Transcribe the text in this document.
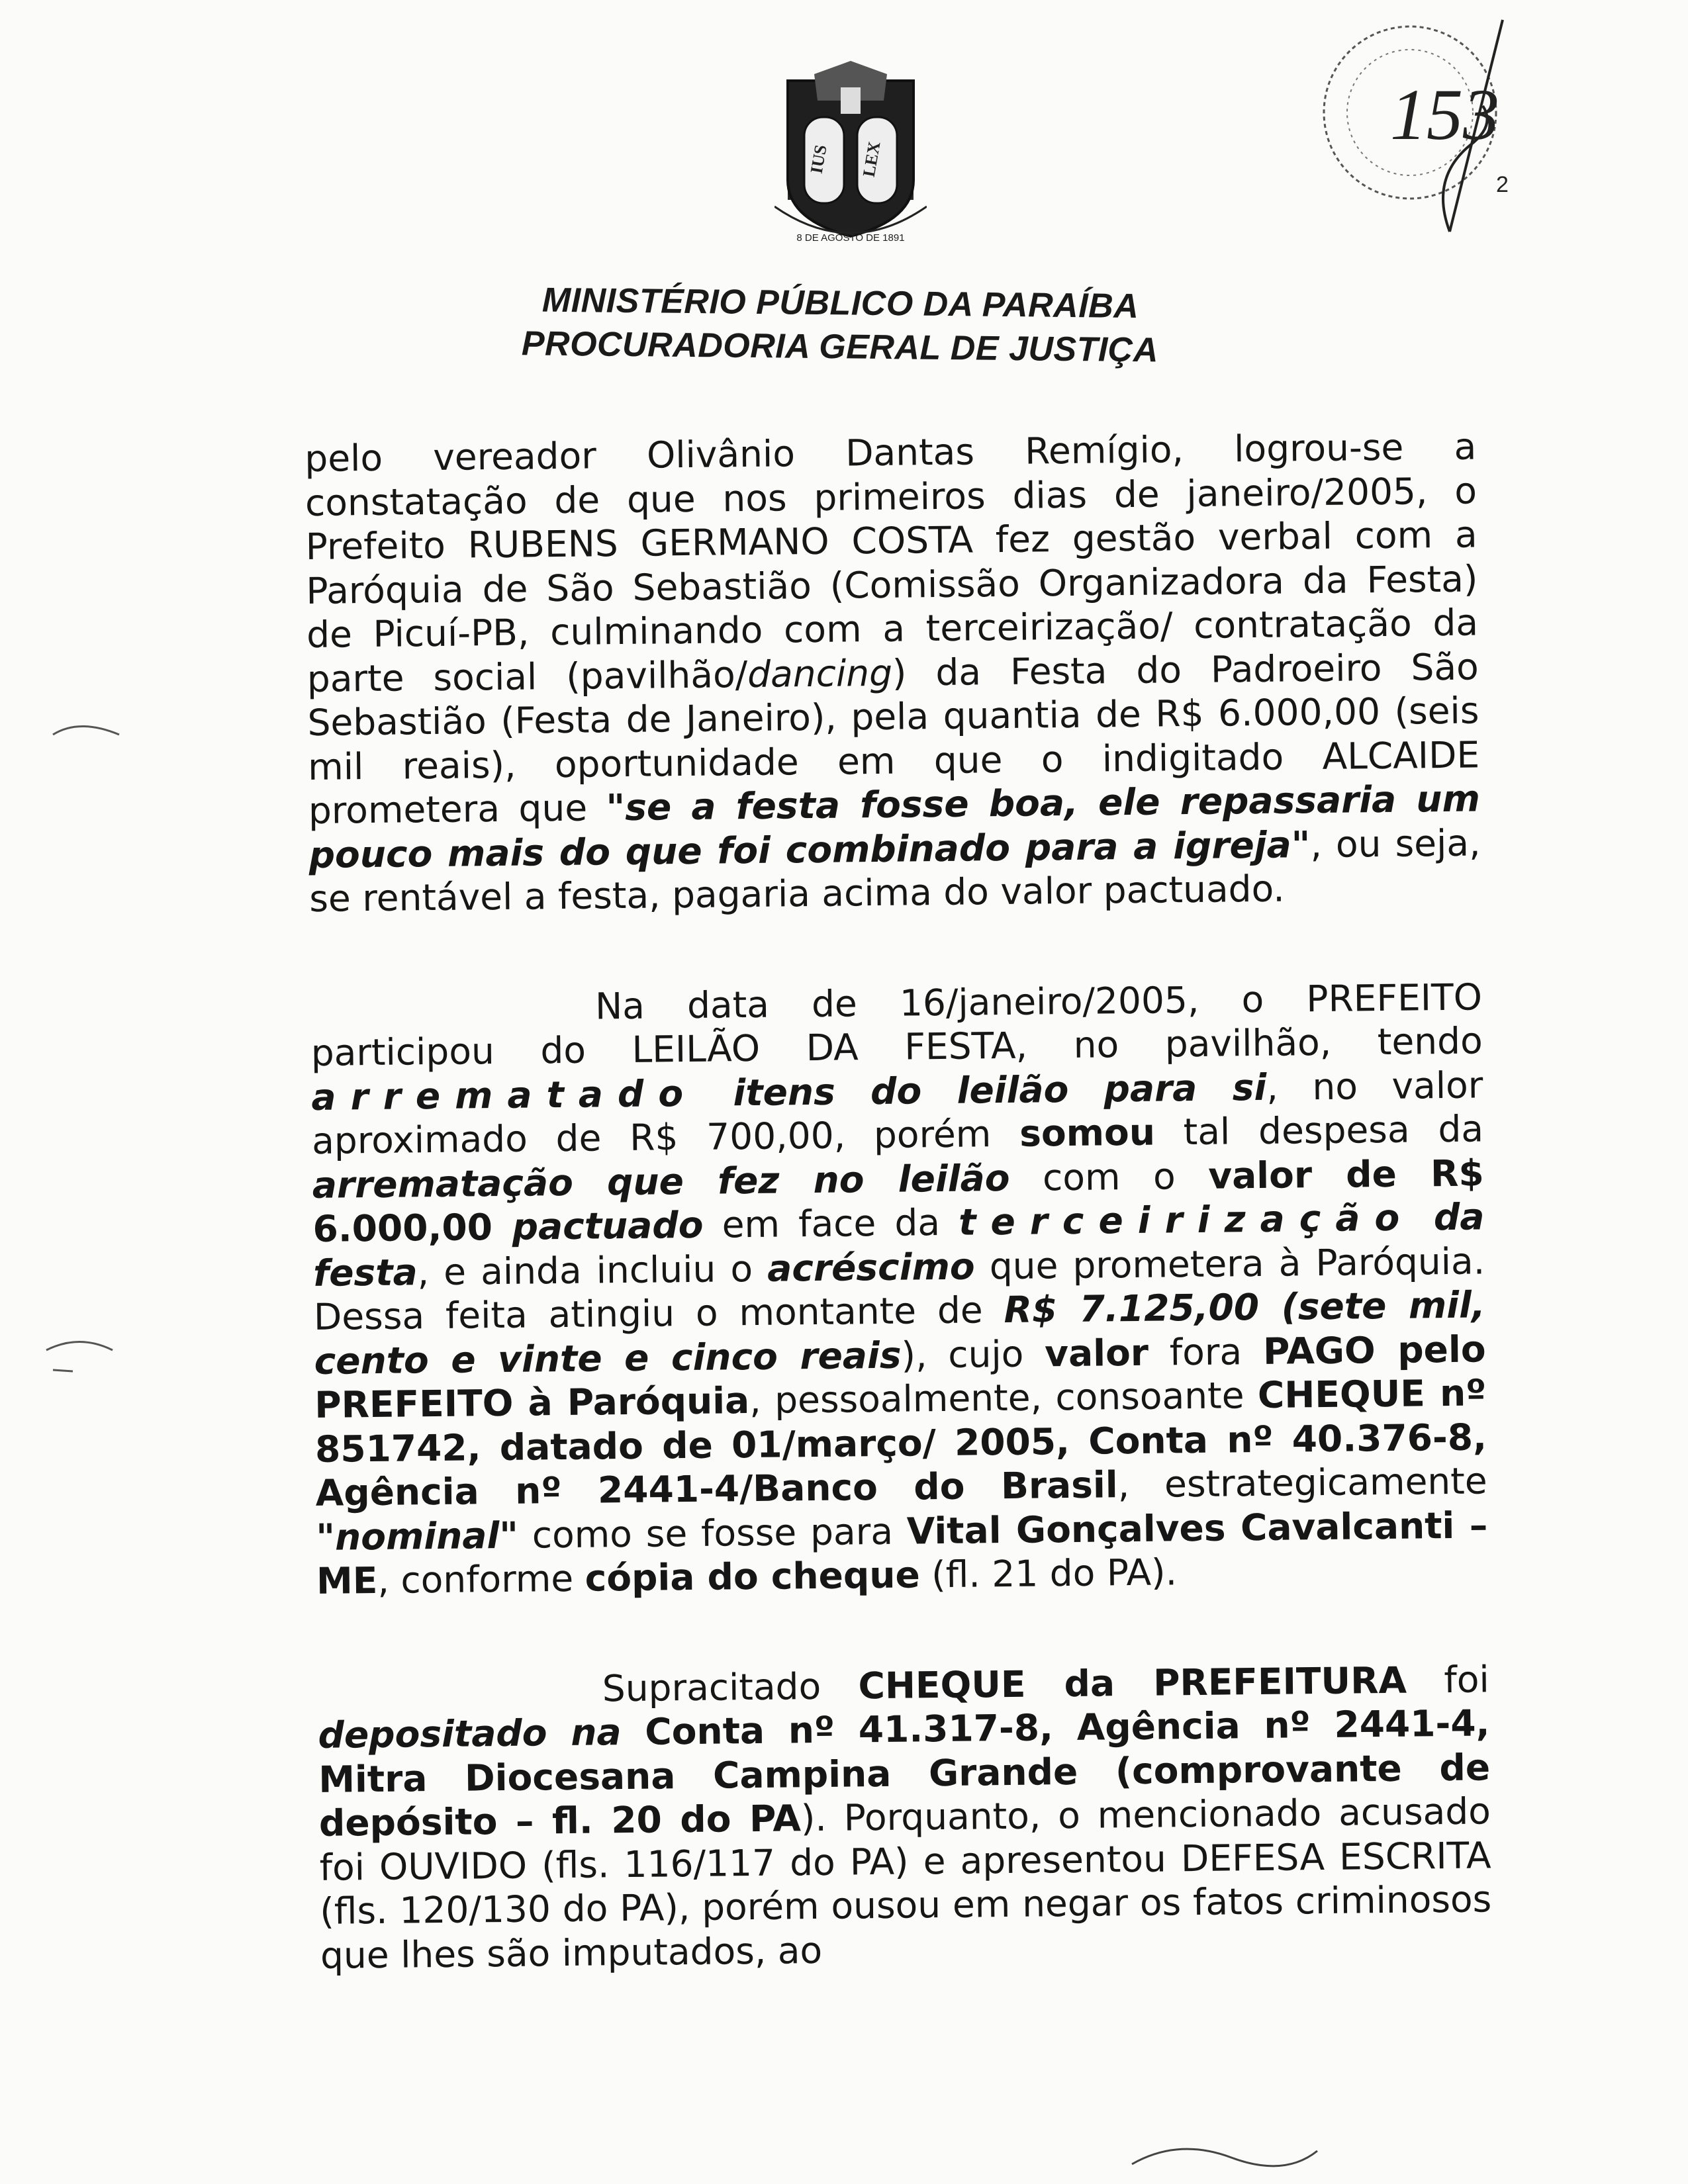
IUS LEX
8 DE AGOSTO DE 1891
153
2
MINISTÉRIO PÚBLICO DA PARAÍBA
PROCURADORIA GERAL DE JUSTIÇA

pelo vereador Olivânio Dantas Remígio, logrou-se a constatação de que nos primeiros dias de janeiro/2005, o Prefeito RUBENS GERMANO COSTA fez gestão verbal com a Paróquia de São Sebastião (Comissão Organizadora da Festa) de Picuí-PB, culminando com a terceirização/ contratação da parte social (pavilhão/dancing) da Festa do Padroeiro São Sebastião (Festa de Janeiro), pela quantia de R$ 6.000,00 (seis mil reais), oportunidade em que o indigitado ALCAIDE prometera que "se a festa fosse boa, ele repassaria um pouco mais do que foi combinado para a igreja", ou seja, se rentável a festa, pagaria acima do valor pactuado.

Na data de 16/janeiro/2005, o PREFEITO participou do LEILÃO DA FESTA, no pavilhão, tendo arrematado itens do leilão para si, no valor aproximado de R$ 700,00, porém somou tal despesa da arrematação que fez no leilão com o valor de R$ 6.000,00 pactuado em face da terceirização da festa, e ainda incluiu o acréscimo que prometera à Paróquia. Dessa feita atingiu o montante de R$ 7.125,00 (sete mil, cento e vinte e cinco reais), cujo valor fora PAGO pelo PREFEITO à Paróquia, pessoalmente, consoante CHEQUE nº 851742, datado de 01/março/ 2005, Conta nº 40.376-8, Agência nº 2441-4/Banco do Brasil, estrategicamente "nominal" como se fosse para Vital Gonçalves Cavalcanti – ME, conforme cópia do cheque (fl. 21 do PA).

Supracitado CHEQUE da PREFEITURA foi depositado na Conta nº 41.317-8, Agência nº 2441-4, Mitra Diocesana Campina Grande (comprovante de depósito – fl. 20 do PA). Porquanto, o mencionado acusado foi OUVIDO (fls. 116/117 do PA) e apresentou DEFESA ESCRITA (fls. 120/130 do PA), porém ousou em negar os fatos criminosos que lhes são imputados, ao
